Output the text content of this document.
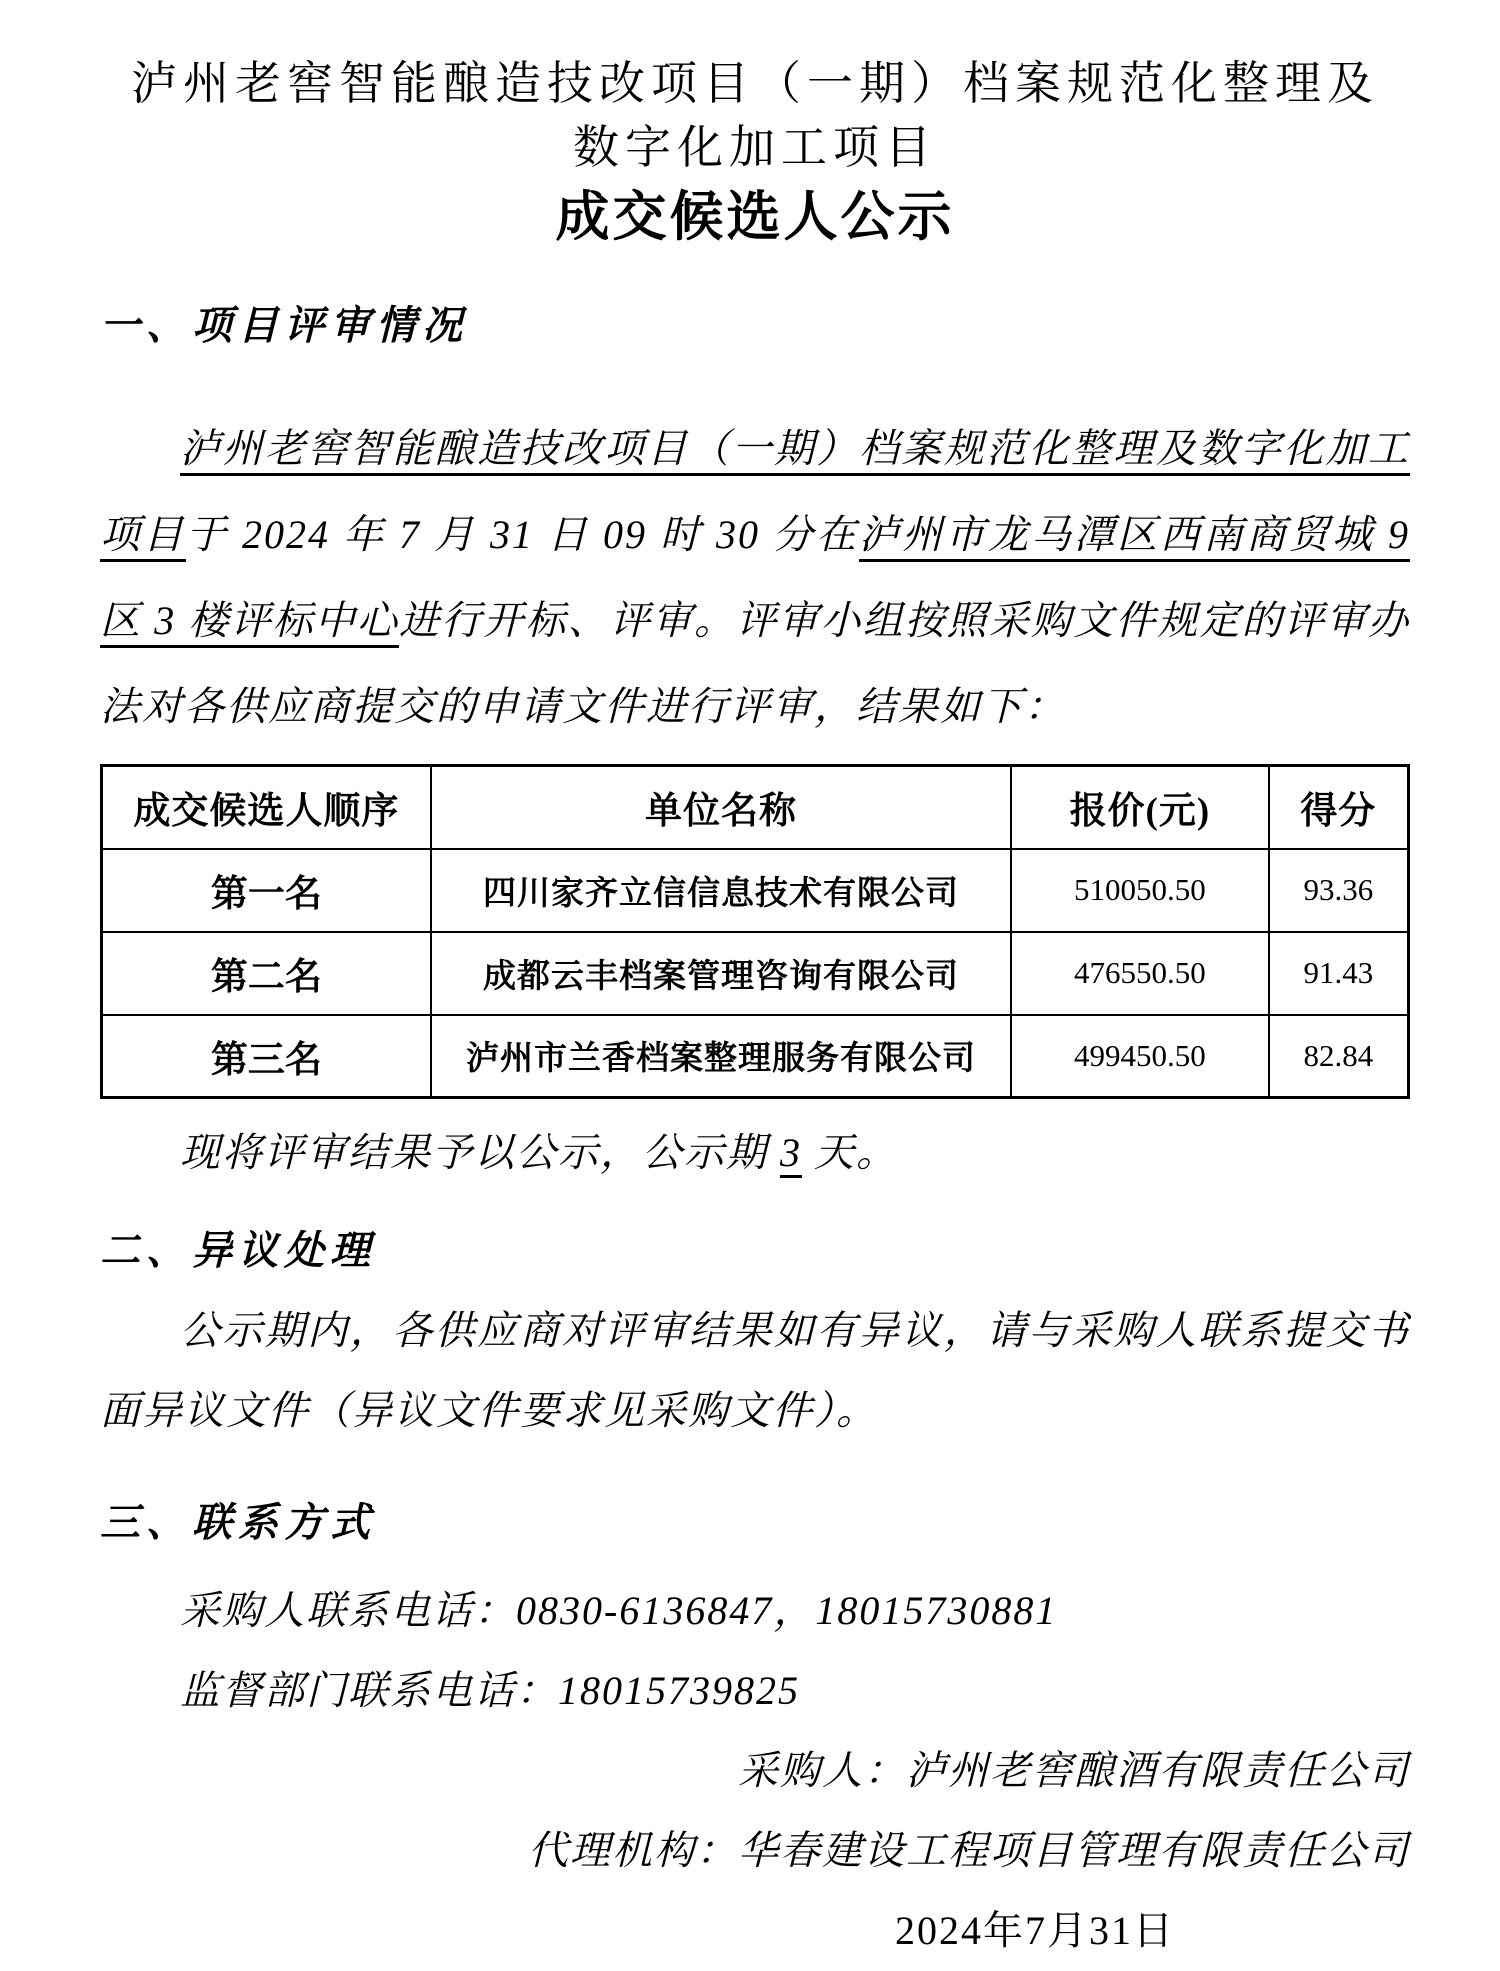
泸州老窖智能酿造技改项目（一期）档案规范化整理及
数字化加工项目
成交候选人公示
一、项目评审情况

泸州老窖智能酿造技改项目（一期）档案规范化整理及数字化加工项目于 2024 年 7 月 31 日 09 时 30 分在泸州市龙马潭区西南商贸城 9 区 3 楼评标中心进行开标、评审。评审小组按照采购文件规定的评审办法对各供应商提交的申请文件进行评审，结果如下：

成交候选人顺序	单位名称	报价(元)	得分
第一名	四川家齐立信信息技术有限公司	510050.50	93.36
第二名	成都云丰档案管理咨询有限公司	476550.50	91.43
第三名	泸州市兰香档案整理服务有限公司	499450.50	82.84
现将评审结果予以公示，公示期 3 天。
二、异议处理

公示期内，各供应商对评审结果如有异议，请与采购人联系提交书面异议文件（异议文件要求见采购文件）。

三、联系方式
采购人联系电话：0830-6136847，18015730881
监督部门联系电话：18015739825
采购人：泸州老窖酿酒有限责任公司
代理机构：华春建设工程项目管理有限责任公司
2024年7月31日
